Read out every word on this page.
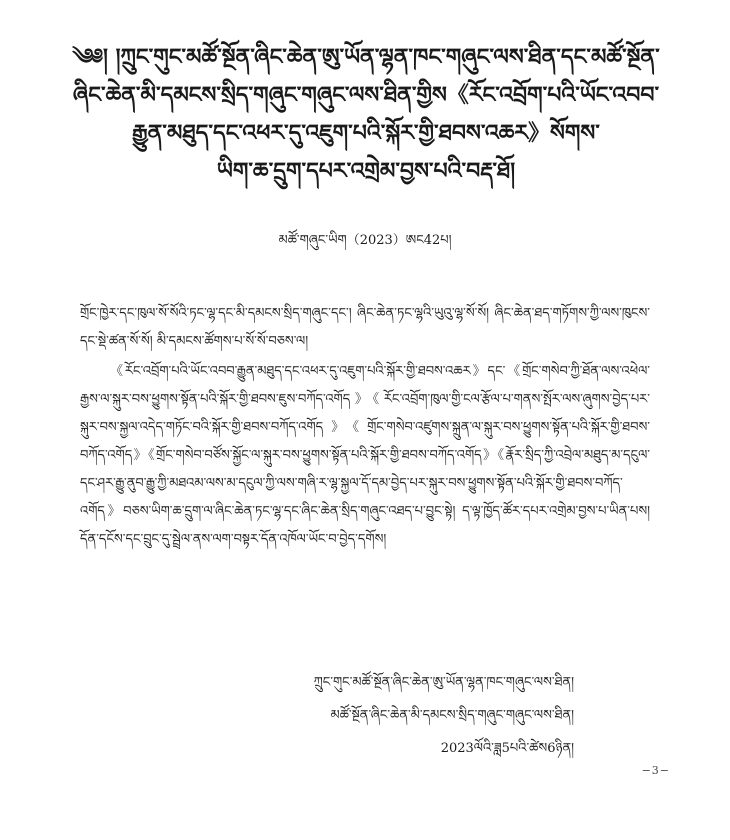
༄༅། །ཀྲུང་གུང་མཚོ་སྔོན་ཞིང་ཆེན་ཨུ་ཡོན་ལྷན་ཁང་གཞུང་ལས་ཐིན་དང་མཚོ་སྔོན་
ཞིང་ཆེན་མི་དམངས་སྲིད་གཞུང་གཞུང་ལས་ཐིན་གྱིས《རོང་འབྲོག་པའི་ཡོང་འབབ་
རྒྱུན་མཐུད་དང་འཕར་དུ་འཇུག་པའི་སྐོར་གྱི་ཐབས་འཆར》སོགས་
ཡིག་ཆ་དྲུག་དཔར་འགྲེམ་བྱས་པའི་བརྡ་ཐོ།
མཚོ་གཞུང་ཡིག（2023）ཨང42པ།

གྲོང་ཁྱེར་དང་ཁུལ་སོ་སོའི་ཏང་ལྷ་དང་མི་དམངས་སྲིད་གཞུང་དང་། ཞིང་ཆེན་ཏང་ལྷའི་ཡུའུ་ལྷ་སོ་སོ། ཞིང་ཆེན་ཐད་གཏོགས་ཀྱི་ལས་ཁུངས་དང་སྡེ་ཚན་སོ་སོ། མི་དམངས་ཚོགས་པ་སོ་སོ་བཅས་ལ།

《རོང་འབྲོག་པའི་ཡོང་འབབ་རྒྱུན་མཐུད་དང་འཕར་དུ་འཇུག་པའི་སྐོར་གྱི་ཐབས་འཆར》དང་《གྲོང་གསེབ་ཀྱི་ཐོན་ལས་འཕེལ་རྒྱས་ལ་སྐུར་བས་ཕྱུགས་སྟོན་པའི་སྐོར་གྱི་ཐབས་ཇུས་བཀོད་འགོད》《རོང་འབྲོག་ཁུལ་གྱི་ངལ་རྩོལ་པ་གནས་སྤོར་ལས་ཞུགས་བྱེད་པར་སྐུར་བས་སྐྱལ་འདེད་གཏོང་བའི་སྐོར་གྱི་ཐབས་བཀོད་འགོད》《གྲོང་གསེབ་འཛུགས་སྐྲུན་ལ་སྐུར་བས་ཕྱུགས་སྟོན་པའི་སྐོར་གྱི་ཐབས་བཀོད་འགོད》《གྲོང་གསེབ་བཙོས་སྐྱོང་ལ་སྐུར་བས་ཕྱུགས་སྟོན་པའི་སྐོར་གྱི་ཐབས་བཀོད་འགོད》《རྣོར་སྲིད་ཀྱི་འབྲེལ་མཐུད་མ་དངུལ་དང་ཤར་རྒྱུ་ནུབ་རྒྱུ་ཀྱི་མཐའམ་ལས་མ་དངུལ་ཀྱི་ལས་གཞི་ར་ལྷ་སྐྱལ་དོ་དམ་བྱེད་པར་སྐུར་བས་ཕྱུགས་སྟོན་པའི་སྐོར་གྱི་ཐབས་བཀོད་འགོད》བཅས་ཡིག་ཆ་དྲུག་ལ་ཞིང་ཆེན་ཏང་ལྷ་དང་ཞིང་ཆེན་སྲིད་གཞུང་འཐད་པ་བྱུང་སྟེ། ད་ལྟ་ཁྱོད་ཚོར་དཔར་འགྲེམ་བྱས་པ་ཡིན་པས། དོན་དངོས་དང་བྲུང་དུ་སྦྲེལ་ནས་ལག་བསྟར་དོན་འཁོལ་ཡོང་བ་བྱེད་དགོས།

ཀྲུང་གུང་མཚོ་སྔོན་ཞིང་ཆེན་ཨུ་ཡོན་ལྷན་ཁང་གཞུང་ལས་ཐིན།
མཚོ་སྔོན་ཞིང་ཆེན་མི་དམངས་སྲིད་གཞུང་གཞུང་ལས་ཐིན།
2023ལོའི་ཟླ5པའི་ཚེས6ཉིན།
−3−
